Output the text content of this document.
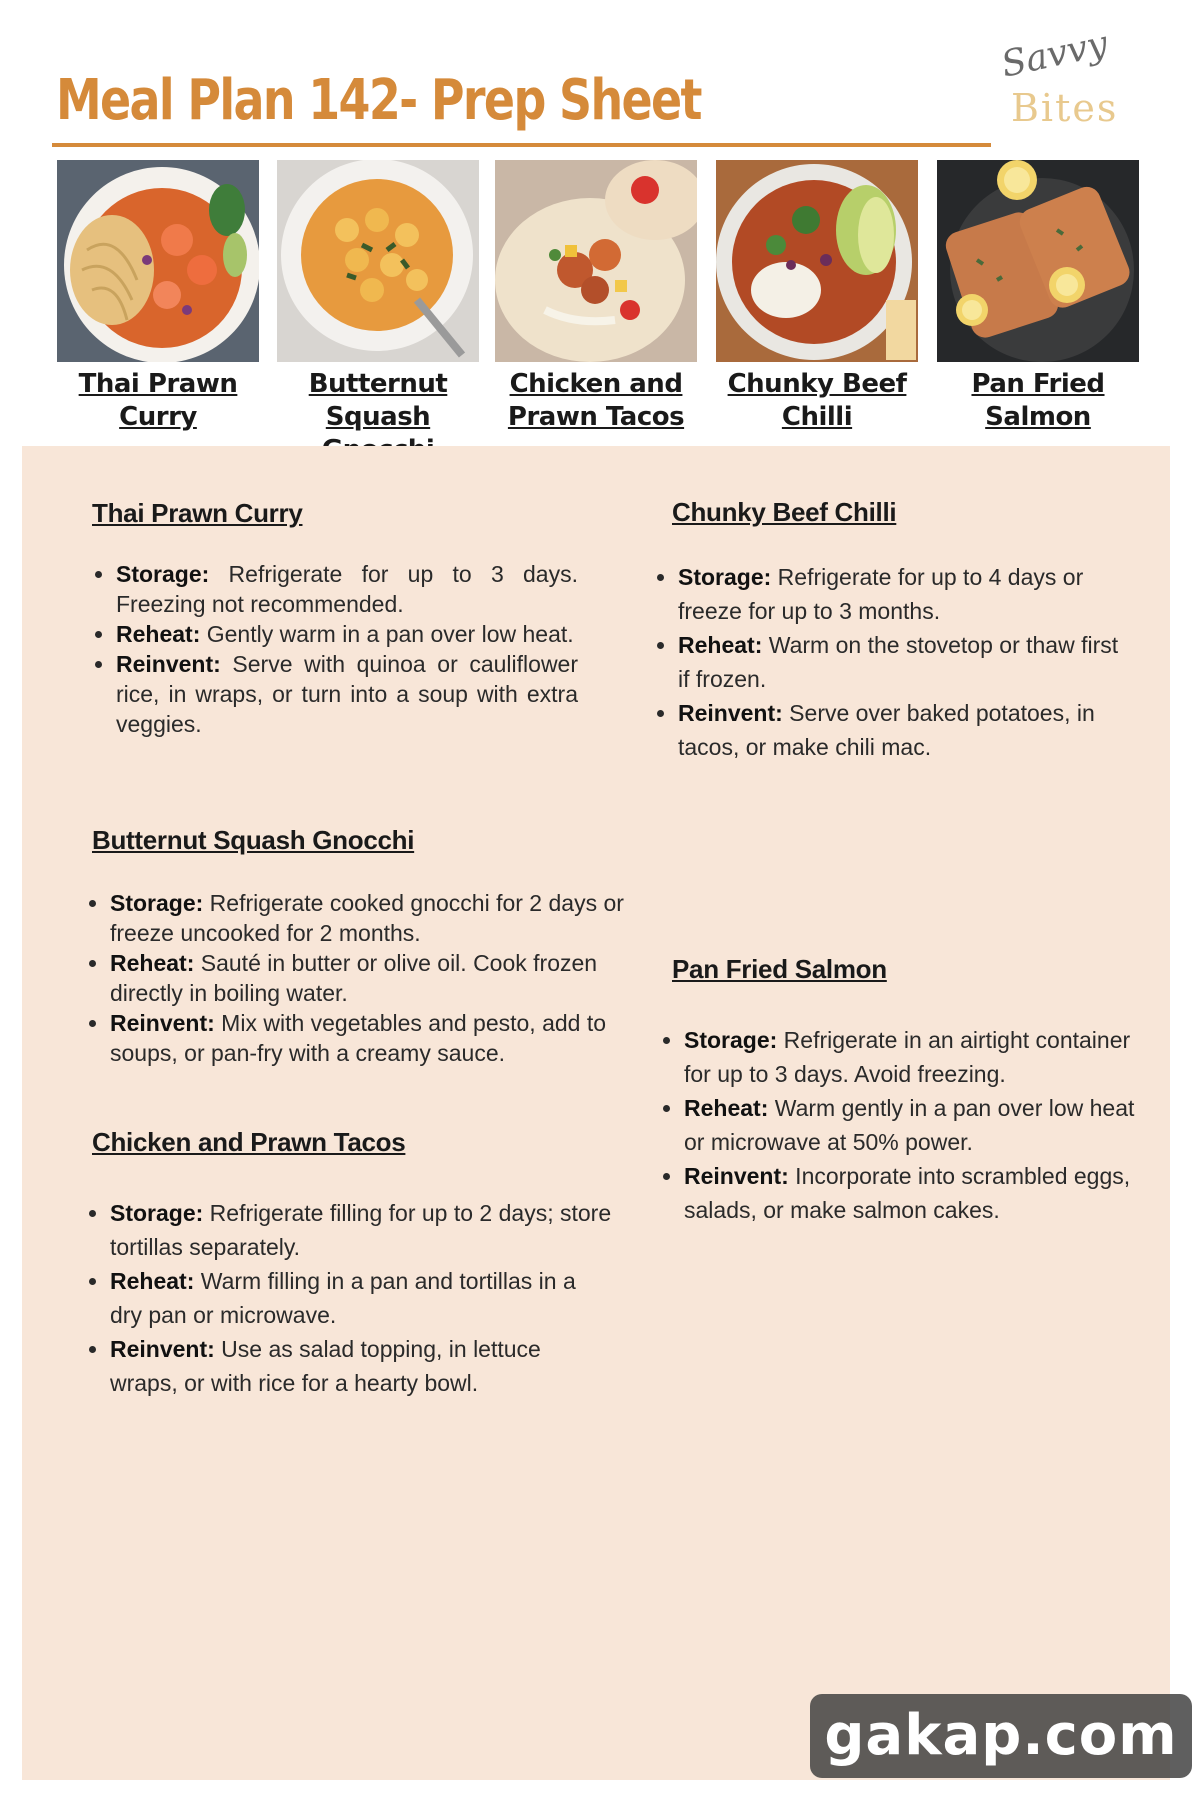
Meal Plan 142- Prep Sheet
Savvy
Bites
Thai Prawn
Curry
Butternut Squash

Chicken and
Prawn Tacos
Chunky Beef
Chilli
Pan Fried
Salmon
Thai Prawn Curry
• Storage: Refrigerate for up to 3 days. Freezing not recommended.
• Reheat: Gently warm in a pan over low heat.
• Reinvent: Serve with quinoa or cauliflower rice, in wraps, or turn into a soup with extra veggies.
Butternut Squash Gnocchi
• Storage: Refrigerate cooked gnocchi for 2 days or freeze uncooked for 2 months.
• Reheat: Sauté in butter or olive oil. Cook frozen directly in boiling water.
• Reinvent: Mix with vegetables and pesto, add to soups, or pan-fry with a creamy sauce.
Chicken and Prawn Tacos
• Storage: Refrigerate filling for up to 2 days; store tortillas separately.
• Reheat: Warm filling in a pan and tortillas in a dry pan or microwave.
• Reinvent: Use as salad topping, in lettuce wraps, or with rice for a hearty bowl.
Chunky Beef Chilli
• Storage: Refrigerate for up to 4 days or freeze for up to 3 months.
• Reheat: Warm on the stovetop or thaw first if frozen.
• Reinvent: Serve over baked potatoes, in tacos, or make chili mac.
Pan Fried Salmon
• Storage: Refrigerate in an airtight container for up to 3 days. Avoid freezing.
• Reheat: Warm gently in a pan over low heat or microwave at 50% power.
• Reinvent: Incorporate into scrambled eggs, salads, or make salmon cakes.
gakap.com
